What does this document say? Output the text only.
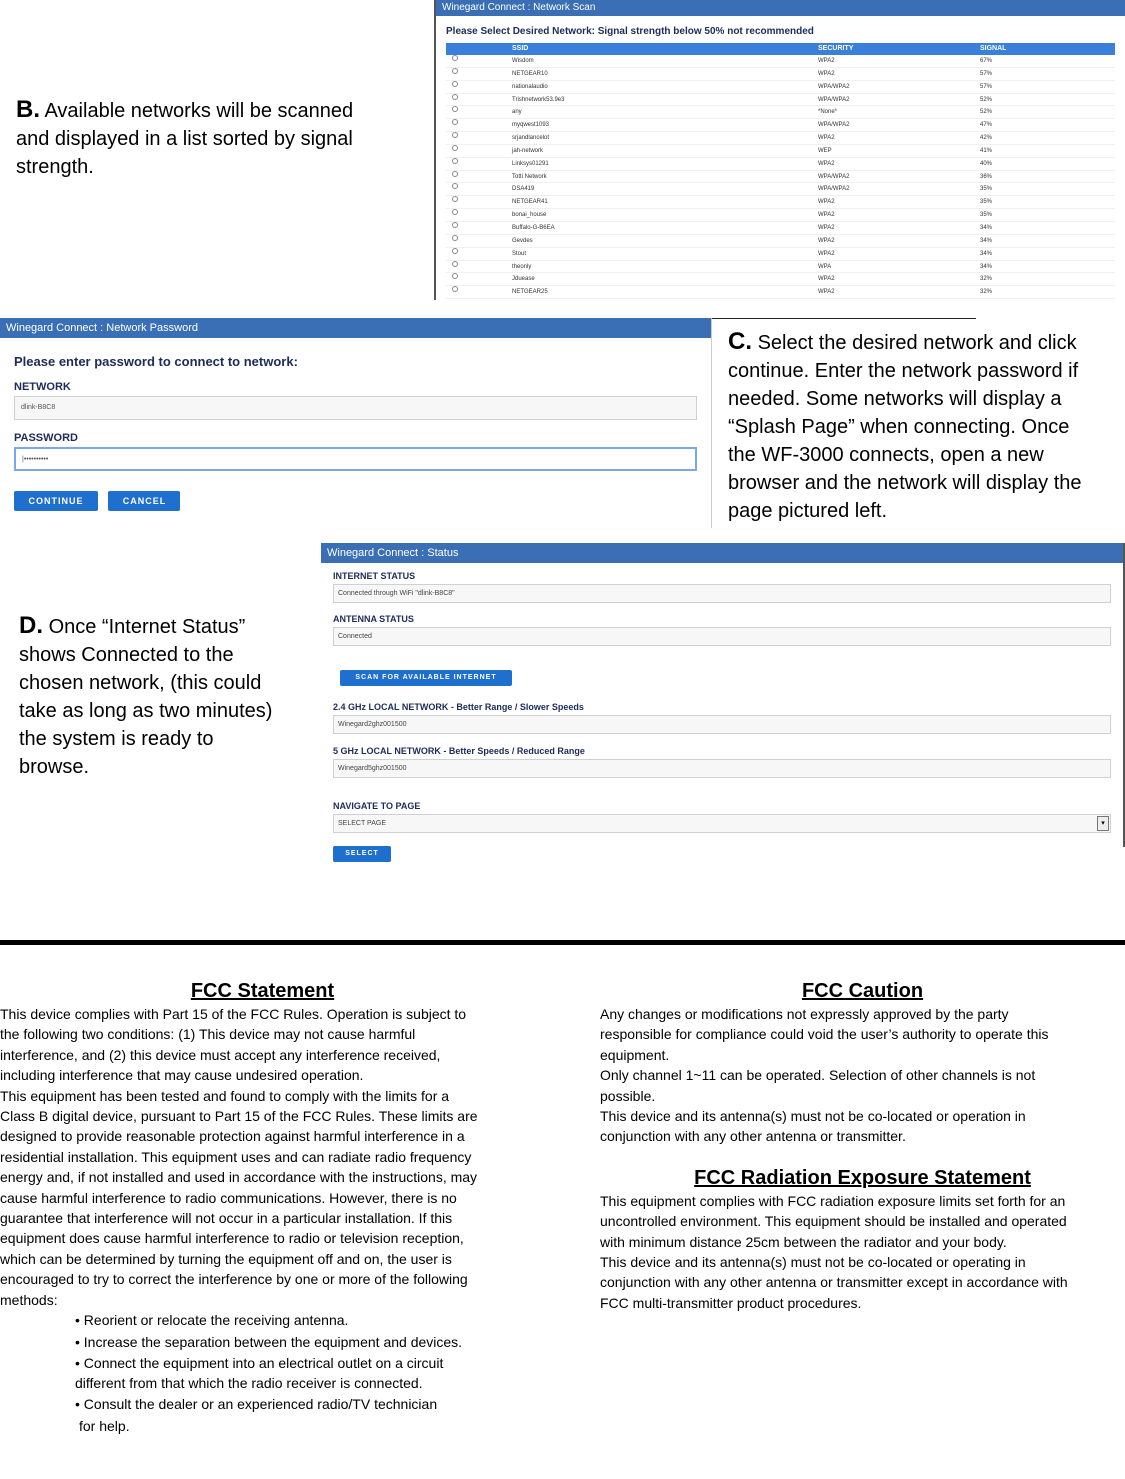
B. Available networks will be scanned
and displayed in a list sorted by signal
strength.
Winegard Connect : Network Scan
Please Select Desired Network: Signal strength below 50% not recommended
SSID	SECURITY	SIGNAL
Wisdom	WPA2	67%
NETGEAR10	WPA2	57%
nationalaudio	WPA/WPA2	57%
Trishnetwork53.9e3	WPA/WPA2	52%
any	*None*	52%
myqwest1093	WPA/WPA2	47%
srjandlancelot	WPA2	42%
jah-network	WEP	41%
Linksys01291	WPA2	40%
Totti Network	WPA/WPA2	36%
DSA419	WPA/WPA2	35%
NETGEAR41	WPA2	35%
bonai_house	WPA2	35%
Buffalo-G-B6EA	WPA2	34%
Gevdes	WPA2	34%
Stout	WPA2	34%
theonly	WPA	34%
Jduease	WPA2	32%
NETGEAR25	WPA2	32%
Winegard Connect : Network Password
Please enter password to connect to network:
NETWORK
dlink-B8C8
PASSWORD
|••••••••••
CONTINUE	CANCEL
C. Select the desired network and click
continue. Enter the network password if
needed. Some networks will display a
“Splash Page” when connecting. Once
the WF-3000 connects, open a new
browser and the network will display the
page pictured left.
D. Once “Internet Status”
shows Connected to the
chosen network, (this could
take as long as two minutes)
the system is ready to
browse.
Winegard Connect : Status
INTERNET STATUS
Connected through WiFi "dlink-B8C8"
ANTENNA STATUS
Connected
SCAN FOR AVAILABLE INTERNET
2.4 GHz LOCAL NETWORK - Better Range / Slower Speeds
Winegard2ghz001500
5 GHz LOCAL NETWORK - Better Speeds / Reduced Range
Winegard5ghz001500
NAVIGATE TO PAGE
SELECT PAGE	▾
SELECT
FCC Statement
This device complies with Part 15 of the FCC Rules. Operation is subject to
the following two conditions: (1) This device may not cause harmful
interference, and (2) this device must accept any interference received,
including interference that may cause undesired operation.
This equipment has been tested and found to comply with the limits for a
Class B digital device, pursuant to Part 15 of the FCC Rules. These limits are
designed to provide reasonable protection against harmful interference in a
residential installation. This equipment uses and can radiate radio frequency
energy and, if not installed and used in accordance with the instructions, may
cause harmful interference to radio communications. However, there is no
guarantee that interference will not occur in a particular installation. If this
equipment does cause harmful interference to radio or television reception,
which can be determined by turning the equipment off and on, the user is
encouraged to try to correct the interference by one or more of the following
methods:
• Reorient or relocate the receiving antenna.
• Increase the separation between the equipment and devices.
• Connect the equipment into an electrical outlet on a circuit
different from that which the radio receiver is connected.
• Consult the dealer or an experienced radio/TV technician
for help.
FCC Caution
Any changes or modifications not expressly approved by the party
responsible for compliance could void the user’s authority to operate this
equipment.
Only channel 1~11 can be operated. Selection of other channels is not
possible.
This device and its antenna(s) must not be co-located or operation in
conjunction with any other antenna or transmitter.
FCC Radiation Exposure Statement
This equipment complies with FCC radiation exposure limits set forth for an
uncontrolled environment. This equipment should be installed and operated
with minimum distance 25cm between the radiator and your body.
This device and its antenna(s) must not be co-located or operating in
conjunction with any other antenna or transmitter except in accordance with
FCC multi-transmitter product procedures.
